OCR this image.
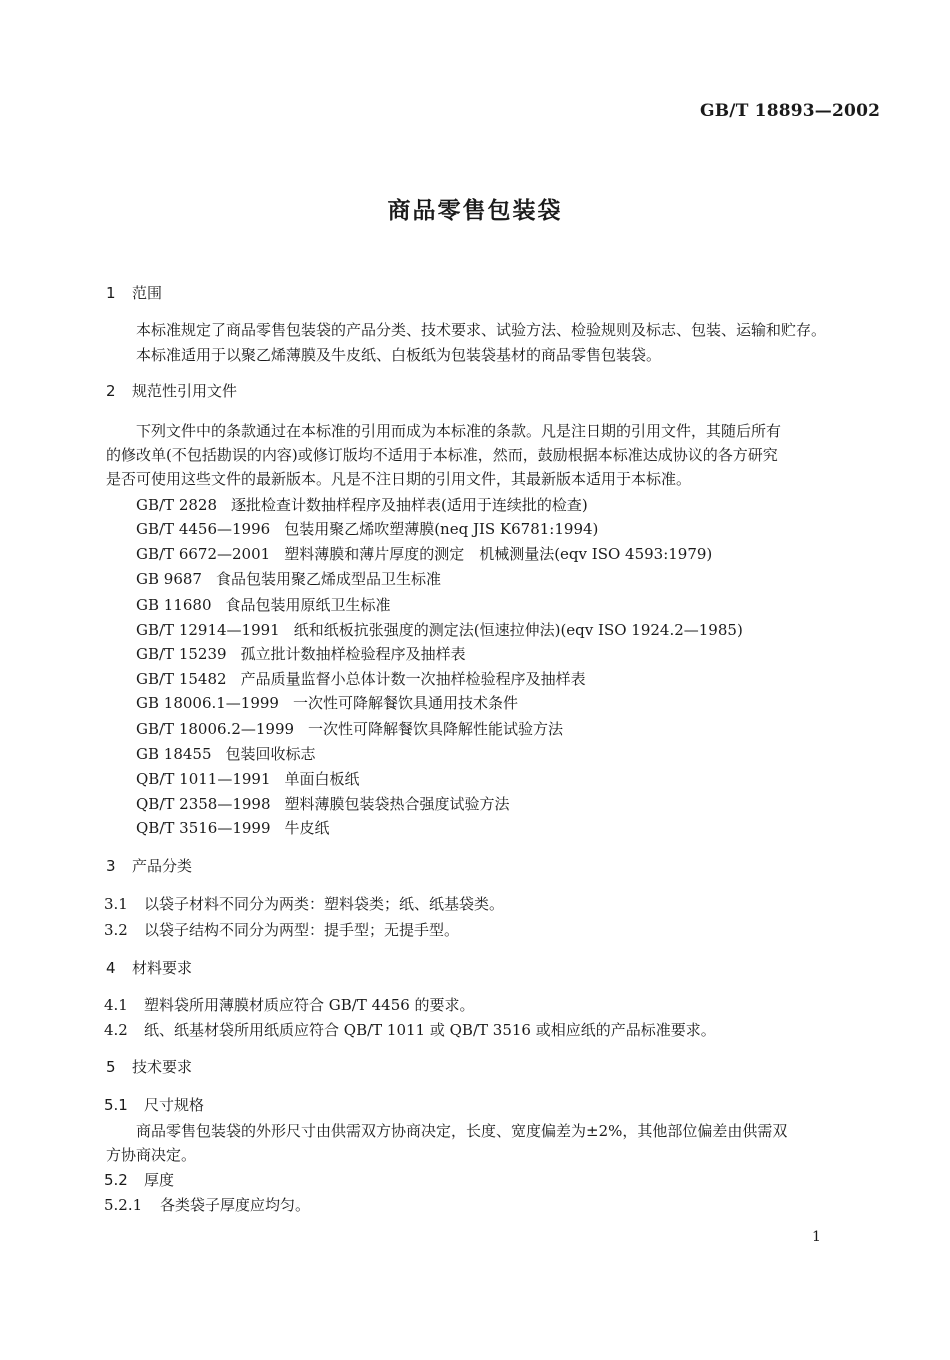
GB/T 18893—2002
商品零售包装袋
1 范围
本标准规定了商品零售包装袋的产品分类、技术要求、试验方法、检验规则及标志、包装、运输和贮存。
本标准适用于以聚乙烯薄膜及牛皮纸、白板纸为包装袋基材的商品零售包装袋。
2 规范性引用文件
下列文件中的条款通过在本标准的引用而成为本标准的条款。凡是注日期的引用文件，其随后所有
的修改单(不包括勘误的内容)或修订版均不适用于本标准，然而，鼓励根据本标准达成协议的各方研究
是否可使用这些文件的最新版本。凡是不注日期的引用文件，其最新版本适用于本标准。
GB/T 2828 逐批检查计数抽样程序及抽样表(适用于连续批的检查)
GB/T 4456—1996 包装用聚乙烯吹塑薄膜(neq JIS K6781:1994)
GB/T 6672—2001 塑料薄膜和薄片厚度的测定　机械测量法(eqv ISO 4593:1979)
GB 9687 食品包装用聚乙烯成型品卫生标准
GB 11680 食品包装用原纸卫生标准
GB/T 12914—1991 纸和纸板抗张强度的测定法(恒速拉伸法)(eqv ISO 1924.2—1985)
GB/T 15239 孤立批计数抽样检验程序及抽样表
GB/T 15482 产品质量监督小总体计数一次抽样检验程序及抽样表
GB 18006.1—1999 一次性可降解餐饮具通用技术条件
GB/T 18006.2—1999 一次性可降解餐饮具降解性能试验方法
GB 18455 包装回收标志
QB/T 1011—1991 单面白板纸
QB/T 2358—1998 塑料薄膜包装袋热合强度试验方法
QB/T 3516—1999 牛皮纸
3 产品分类
3.1 以袋子材料不同分为两类：塑料袋类；纸、纸基袋类。
3.2 以袋子结构不同分为两型：提手型；无提手型。
4 材料要求
4.1 塑料袋所用薄膜材质应符合 GB/T 4456 的要求。
4.2 纸、纸基材袋所用纸质应符合 QB/T 1011 或 QB/T 3516 或相应纸的产品标准要求。
5 技术要求
5.1 尺寸规格
商品零售包装袋的外形尺寸由供需双方协商决定，长度、宽度偏差为±2%，其他部位偏差由供需双
方协商决定。
5.2 厚度
5.2.1 各类袋子厚度应均匀。
1
